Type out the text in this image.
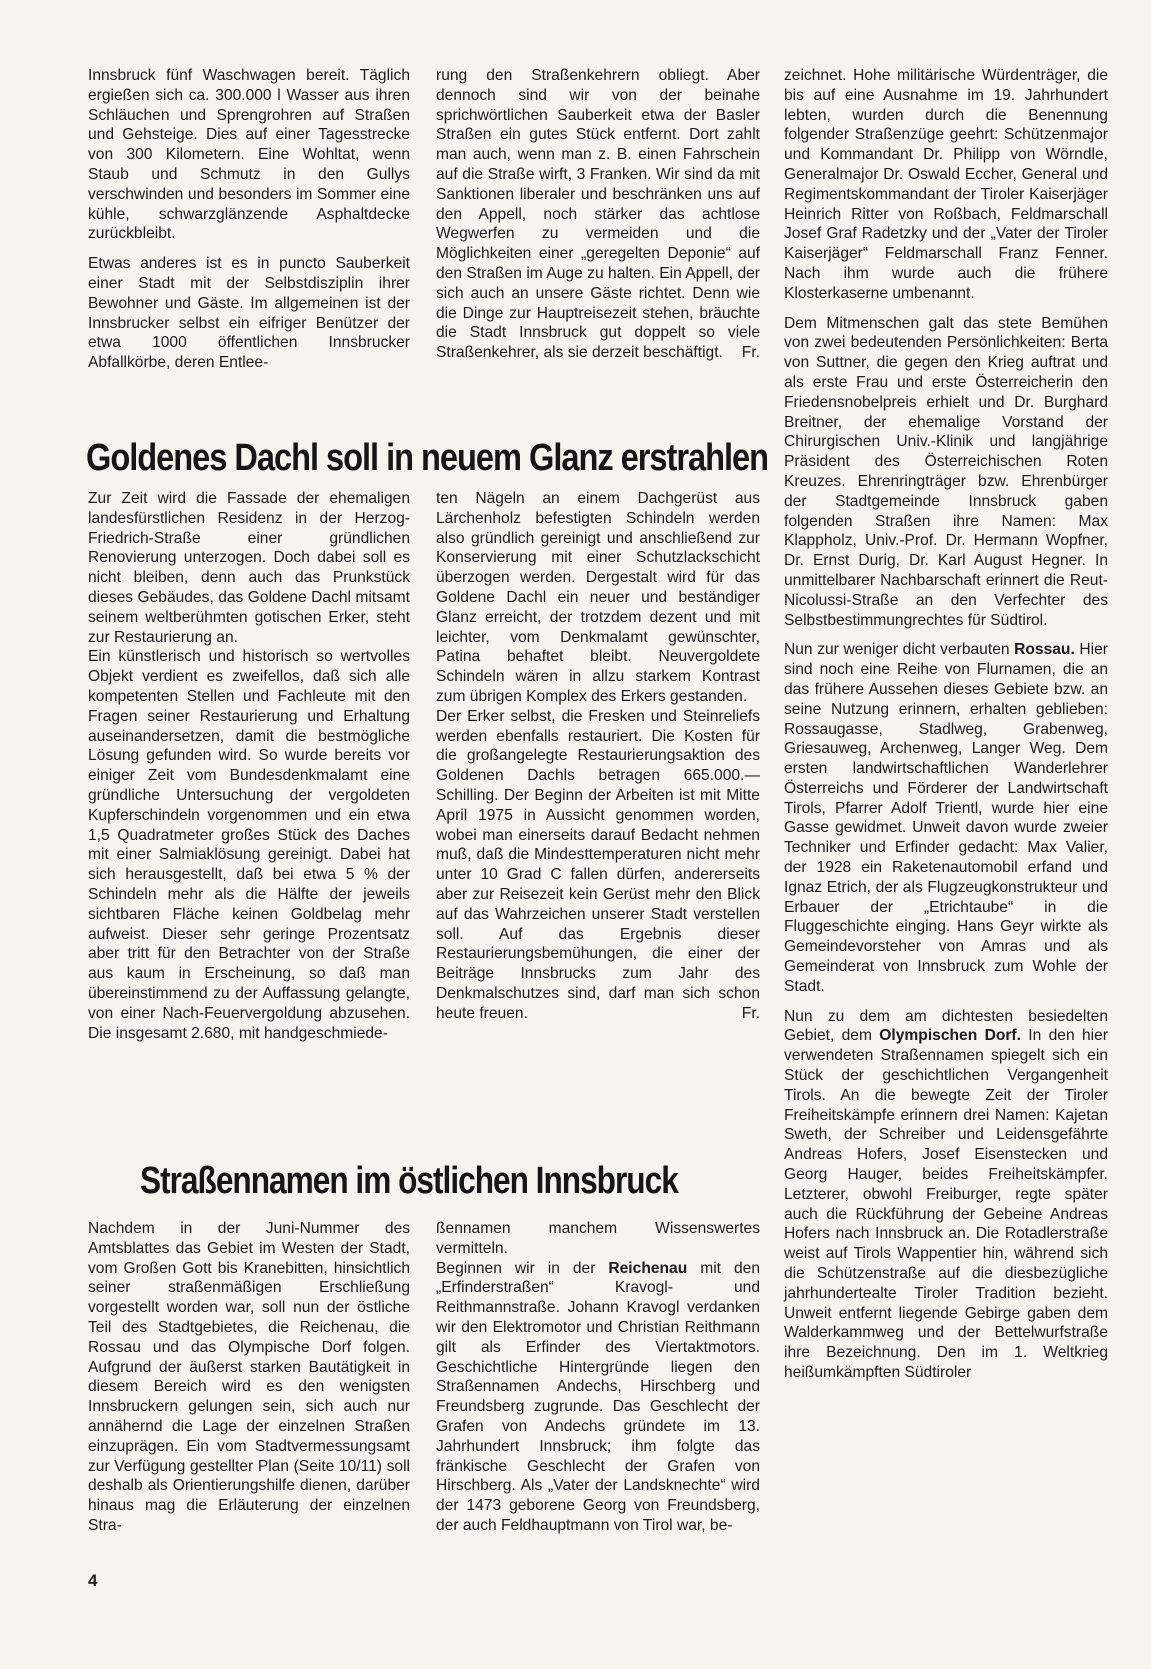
Innsbruck fünf Waschwagen bereit. Täglich ergießen sich ca. 300.000 l Wasser aus ihren Schläuchen und Sprengrohren auf Straßen und Gehsteige. Dies auf einer Tagesstrecke von 300 Kilometern. Eine Wohltat, wenn Staub und Schmutz in den Gullys verschwinden und besonders im Sommer eine kühle, schwarzglänzende Asphaltdecke zurückbleibt.

Etwas anderes ist es in puncto Sauberkeit einer Stadt mit der Selbstdisziplin ihrer Bewohner und Gäste. Im allgemeinen ist der Innsbrucker selbst ein eifriger Benützer der etwa 1000 öffentlichen Innsbrucker Abfallkörbe, deren Entlee-

rung den Straßenkehrern obliegt. Aber dennoch sind wir von der beinahe sprichwörtlichen Sauberkeit etwa der Basler Straßen ein gutes Stück entfernt. Dort zahlt man auch, wenn man z. B. einen Fahrschein auf die Straße wirft, 3 Franken. Wir sind da mit Sanktionen liberaler und beschränken uns auf den Appell, noch stärker das achtlose Wegwerfen zu vermeiden und die Möglichkeiten einer „geregelten Deponie“ auf den Straßen im Auge zu halten. Ein Appell, der sich auch an unsere Gäste richtet. Denn wie die Dinge zur Hauptreisezeit stehen, bräuchte die Stadt Innsbruck gut doppelt so viele Straßenkehrer, als sie derzeit beschäftigt. Fr.

Goldenes Dachl soll in neuem Glanz erstrahlen

Zur Zeit wird die Fassade der ehemaligen landesfürstlichen Residenz in der Herzog-Friedrich-Straße einer gründlichen Renovierung unterzogen. Doch dabei soll es nicht bleiben, denn auch das Prunkstück dieses Gebäudes, das Goldene Dachl mitsamt seinem weltberühmten gotischen Erker, steht zur Restaurierung an.

Ein künstlerisch und historisch so wertvolles Objekt verdient es zweifellos, daß sich alle kompetenten Stellen und Fachleute mit den Fragen seiner Restaurierung und Erhaltung auseinandersetzen, damit die bestmögliche Lösung gefunden wird. So wurde bereits vor einiger Zeit vom Bundesdenkmalamt eine gründliche Untersuchung der vergoldeten Kupferschindeln vorgenommen und ein etwa 1,5 Quadratmeter großes Stück des Daches mit einer Salmiaklösung gereinigt. Dabei hat sich herausgestellt, daß bei etwa 5 % der Schindeln mehr als die Hälfte der jeweils sichtbaren Fläche keinen Goldbelag mehr aufweist. Dieser sehr geringe Prozentsatz aber tritt für den Betrachter von der Straße aus kaum in Erscheinung, so daß man übereinstimmend zu der Auffassung gelangte, von einer Nach-Feuervergoldung abzusehen. Die insgesamt 2.680, mit handgeschmiede-

ten Nägeln an einem Dachgerüst aus Lärchenholz befestigten Schindeln werden also gründlich gereinigt und anschließend zur Konservierung mit einer Schutzlackschicht überzogen werden. Dergestalt wird für das Goldene Dachl ein neuer und beständiger Glanz erreicht, der trotzdem dezent und mit leichter, vom Denkmalamt gewünschter, Patina behaftet bleibt. Neuvergoldete Schindeln wären in allzu starkem Kontrast zum übrigen Komplex des Erkers gestanden.

Der Erker selbst, die Fresken und Steinreliefs werden ebenfalls restauriert. Die Kosten für die großangelegte Restaurierungsaktion des Goldenen Dachls betragen 665.000.— Schilling. Der Beginn der Arbeiten ist mit Mitte April 1975 in Aussicht genommen worden, wobei man einerseits darauf Bedacht nehmen muß, daß die Mindesttemperaturen nicht mehr unter 10 Grad C fallen dürfen, andererseits aber zur Reisezeit kein Gerüst mehr den Blick auf das Wahrzeichen unserer Stadt verstellen soll. Auf das Ergebnis dieser Restaurierungsbemühungen, die einer der Beiträge Innsbrucks zum Jahr des Denkmalschutzes sind, darf man sich schon heute freuen.	Fr.

Straßennamen im östlichen Innsbruck

Nachdem in der Juni-Nummer des Amtsblattes das Gebiet im Westen der Stadt, vom Großen Gott bis Kranebitten, hinsichtlich seiner straßenmäßigen Erschließung vorgestellt worden war, soll nun der östliche Teil des Stadtgebietes, die Reichenau, die Rossau und das Olympische Dorf folgen. Aufgrund der äußerst starken Bautätigkeit in diesem Bereich wird es den wenigsten Innsbruckern gelungen sein, sich auch nur annähernd die Lage der einzelnen Straßen einzuprägen. Ein vom Stadtvermessungsamt zur Verfügung gestellter Plan (Seite 10/11) soll deshalb als Orientierungshilfe dienen, darüber hinaus mag die Erläuterung der einzelnen Stra-

ßennamen manchem Wissenswertes vermitteln.

Beginnen wir in der Reichenau mit den „Erfinderstraßen“ Kravogl- und Reithmannstraße. Johann Kravogl verdanken wir den Elektromotor und Christian Reithmann gilt als Erfinder des Viertaktmotors. Geschichtliche Hintergründe liegen den Straßennamen Andechs, Hirschberg und Freundsberg zugrunde. Das Geschlecht der Grafen von Andechs gründete im 13. Jahrhundert Innsbruck; ihm folgte das fränkische Geschlecht der Grafen von Hirschberg. Als „Vater der Landsknechte“ wird der 1473 geborene Georg von Freundsberg, der auch Feldhauptmann von Tirol war, be-

zeichnet. Hohe militärische Würdenträger, die bis auf eine Ausnahme im 19. Jahrhundert lebten, wurden durch die Benennung folgender Straßenzüge geehrt: Schützenmajor und Kommandant Dr. Philipp von Wörndle, Generalmajor Dr. Oswald Eccher, General und Regimentskommandant der Tiroler Kaiserjäger Heinrich Ritter von Roßbach, Feldmarschall Josef Graf Radetzky und der „Vater der Tiroler Kaiserjäger“ Feldmarschall Franz Fenner. Nach ihm wurde auch die frühere Klosterkaserne umbenannt.

Dem Mitmenschen galt das stete Bemühen von zwei bedeutenden Persönlichkeiten: Berta von Suttner, die gegen den Krieg auftrat und als erste Frau und erste Österreicherin den Friedensnobelpreis erhielt und Dr. Burghard Breitner, der ehemalige Vorstand der Chirurgischen Univ.-Klinik und langjährige Präsident des Österreichischen Roten Kreuzes. Ehrenringträger bzw. Ehrenbürger der Stadtgemeinde Innsbruck gaben folgenden Straßen ihre Namen: Max Klappholz, Univ.-Prof. Dr. Hermann Wopfner, Dr. Ernst Durig, Dr. Karl August Hegner. In unmittelbarer Nachbarschaft erinnert die Reut-Nicolussi-Straße an den Verfechter des Selbstbestimmungrechtes für Südtirol.

Nun zur weniger dicht verbauten Rossau. Hier sind noch eine Reihe von Flurnamen, die an das frühere Aussehen dieses Gebiete bzw. an seine Nutzung erinnern, erhalten geblieben: Rossaugasse, Stadlweg, Grabenweg, Griesauweg, Archenweg, Langer Weg. Dem ersten landwirtschaftlichen Wanderlehrer Österreichs und Förderer der Landwirtschaft Tirols, Pfarrer Adolf Trientl, wurde hier eine Gasse gewidmet. Unweit davon wurde zweier Techniker und Erfinder gedacht: Max Valier, der 1928 ein Raketenautomobil erfand und Ignaz Etrich, der als Flugzeugkonstrukteur und Erbauer der „Etrichtaube“ in die Fluggeschichte einging. Hans Geyr wirkte als Gemeindevorsteher von Amras und als Gemeinderat von Innsbruck zum Wohle der Stadt.

Nun zu dem am dichtesten besiedelten Gebiet, dem Olympischen Dorf. In den hier verwendeten Straßennamen spiegelt sich ein Stück der geschichtlichen Vergangenheit Tirols. An die bewegte Zeit der Tiroler Freiheitskämpfe erinnern drei Namen: Kajetan Sweth, der Schreiber und Leidensgefährte Andreas Hofers, Josef Eisenstecken und Georg Hauger, beides Freiheitskämpfer. Letzterer, obwohl Freiburger, regte später auch die Rückführung der Gebeine Andreas Hofers nach Innsbruck an. Die Rotadlerstraße weist auf Tirols Wappentier hin, während sich die Schützenstraße auf die diesbezügliche jahrhundertealte Tiroler Tradition bezieht. Unweit entfernt liegende Gebirge gaben dem Walderkammweg und der Bettelwurfstraße ihre Bezeichnung. Den im 1. Weltkrieg heißumkämpften Südtiroler

4
